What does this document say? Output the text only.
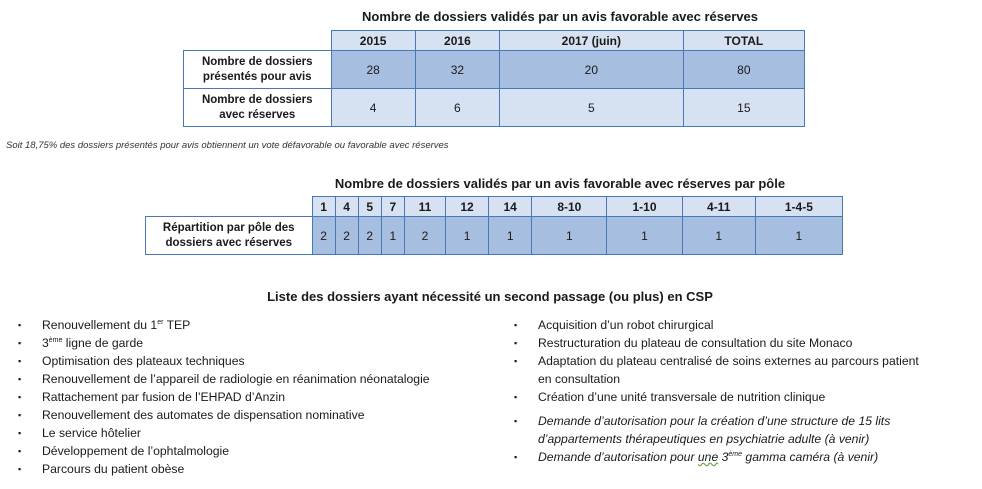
Nombre de dossiers validés par un avis favorable avec réserves
	2015	2016	2017 (juin)	TOTAL

Nombre de dossiers
présentés pour avis	28	32	20	80

Nombre de dossiers
avec réserves	4	6	5	15
Soit 18,75% des dossiers présentés pour avis obtiennent un vote défavorable ou favorable avec réserves
Nombre de dossiers validés par un avis favorable avec réserves par pôle
	1	4	5	7	11	12	14	8-10	1-10	4-11	1-4-5

Répartition par pôle des
dossiers avec réserves	2	2	2	1	2	1	1	1	1	1	1
Liste des dossiers ayant nécessité un second passage (ou plus) en CSP
▪ Renouvellement du 1er TEP
▪ 3ème ligne de garde
▪ Optimisation des plateaux techniques
▪ Renouvellement de l’appareil de radiologie en réanimation néonatalogie
▪ Rattachement par fusion de l’EHPAD d’Anzin
▪ Renouvellement des automates de dispensation nominative
▪ Le service hôtelier
▪ Développement de l’ophtalmologie
▪ Parcours du patient obèse
▪ Acquisition d’un robot chirurgical
▪ Restructuration du plateau de consultation du site Monaco
▪ Adaptation du plateau centralisé de soins externes au parcours patient
en consultation
▪ Création d’une unité transversale de nutrition clinique
▪ Demande d’autorisation pour la création d’une structure de 15 lits
d’appartements thérapeutiques en psychiatrie adulte (à venir)
▪ Demande d’autorisation pour une 3ème gamma caméra (à venir)
